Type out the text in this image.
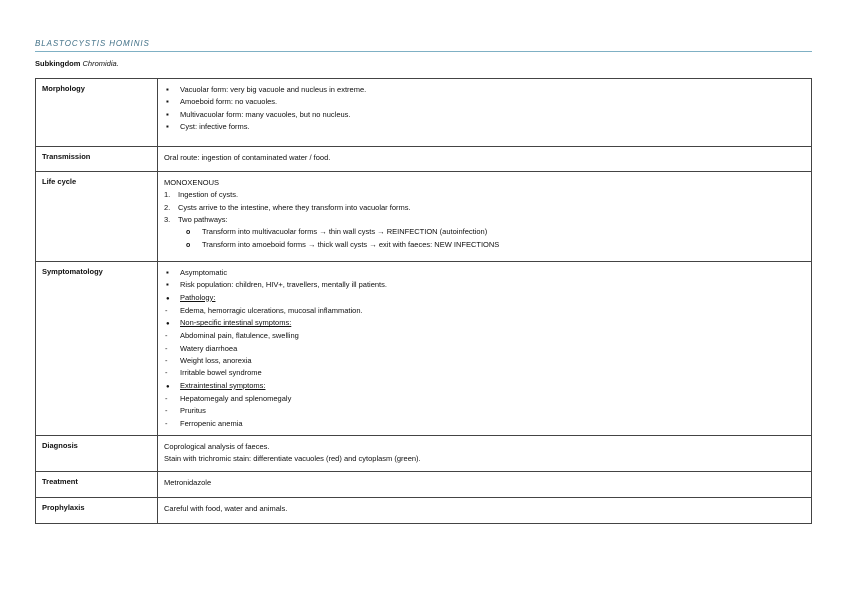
BLASTOCYSTIS HOMINIS
Subkingdom Chromidia.
Morphology ▪	Vacuolar form: very big vacuole and nucleus in extreme.
▪
Amoeboid form: no vacuoles.
▪
Multivacuolar form: many vacuoles, but no nucleus.
▪
Cyst: infective forms.
Transmission	Oral route: ingestion of contaminated water / food.
Life cycle	MONOXENOUS
1.	Ingestion of cysts.
2.	Cysts arrive to the intestine, where they transform into vacuolar forms.
3.	Two pathways:
o
Transform into multivacuolar forms → thin wall cysts → REINFECTION (autoinfection)
o
Transform into amoeboid forms → thick wall cysts → exit with faeces: NEW INFECTIONS
Symptomatology ▪	Asymptomatic
▪
Risk population: children, HIV+, travellers, mentally ill patients.
●
Pathology:
-
Edema, hemorragic ulcerations, mucosal inflammation.
●
Non-specific intestinal symptoms:
-
Abdominal pain, flatulence, swelling
-
Watery diarrhoea
-
Weight loss, anorexia
-
Irritable bowel syndrome
●
Extraintestinal symptoms:
-
Hepatomegaly and splenomegaly
-
Pruritus
-
Ferropenic anemia
Diagnosis	Coprological analysis of faeces.
Stain with trichromic stain: differentiate vacuoles (red) and cytoplasm (green).
Treatment	Metronidazole
Prophylaxis	Careful with food, water and animals.
